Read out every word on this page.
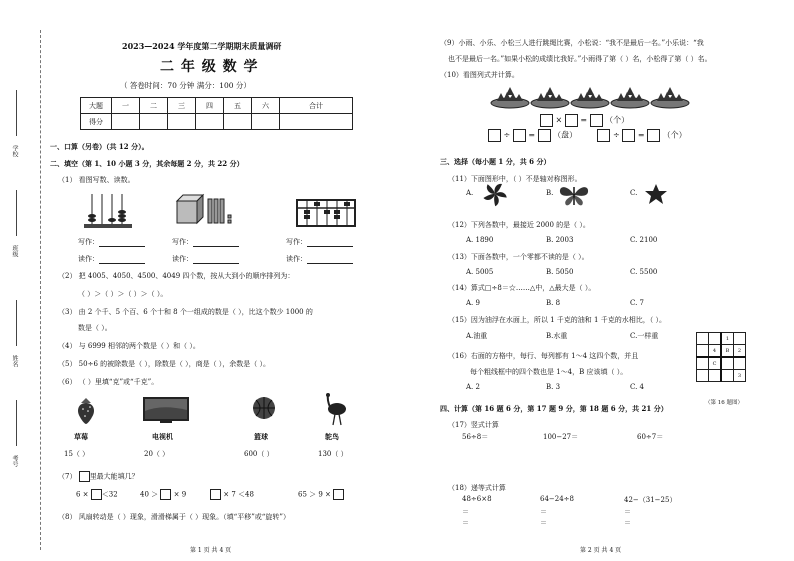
学校
班级
姓名
考号
2023—2024 学年度第二学期期末质量调研
二 年 级 数 学
（ 答卷时间：70 分钟 满分：100 分）
大题	一	二	三	四	五	六	合计
得分							
一、口算（另卷）（共 12 分）。
二、填空（第 1、10 小题 3 分，其余每题 2 分，共 22 分）
（1） 看图写数、读数。
写作：	写作：	写作：
读作：	读作：	读作：
（2） 把 4005、4050、4500、4049 四个数，按从大到小的顺序排列为：
（ ）＞（ ）＞（ ）＞（ ）。
（3） 由 2 个千、5 个百、6 个十和 8 个一组成的数是（ ），比这个数少 1000 的
数是（ ）。
（4） 与 6999 相邻的两个数是（ ）和（ ）。
（5） 50÷6 的被除数是（ ），除数是（ ），商是（ ），余数是（ ）。
（6） （ ）里填“克”或“千克”。
草莓	电视机	篮球	鸵鸟
15（ ）	20（ ）	600（ ）	130（ ）
（7） 里最大能填几？
6 × ＜32	40 ＞ × 9	× 7 ＜48	65 ＞ 9 ×
（8） 风扇转动是（ ）现象，滑滑梯属于（ ）现象。（填“平移”或“旋转”）
第 1 页 共 4 页
（9）小雨、小乐、小松三人进行跳绳比赛，小松说：“我不是最后一名。”小乐说：“我
也不是最后一名。”如果小松的成绩比我好。”小雨得了第（ ）名，小松得了第（ ）名。
（10）看图列式并计算。
× = （个）
÷ = （盘）	÷ = （个）
三、选择（每小题 1 分，共 6 分）
（11）下面图形中，（ ）不是轴对称图形。
A.	B.	C.
（12）下列各数中，最接近 2000 的是（ ）。
A. 1890	B. 2003	C. 2100
（13）下面各数中，一个零都不读的是（ ）。
A. 5005	B. 5050	C. 5500
（14）算式□÷8＝☆……△中，△最大是（ ）。
A. 9	B. 8	C. 7
（15）因为油浮在水面上，所以 1 千克的油和 1 千克的水相比，（ ）。
A.油重	B.水重	C.一样重
（16）右面的方格中，每行、每列都有 1～4 这四个数，并且
每个粗线框中的四个数也是 1～4，B 应该填（ ）。
A. 2	B. 3	C. 4
		1	
	4	B	2
	C		
			3
（第 16 题图）
四、计算（第 16 题 6 分，第 17 题 9 分，第 18 题 6 分，共 21 分）
（17）竖式计算
56÷8＝	100−27＝	60÷7＝
（18）递等式计算
48÷6×8	64−24÷8	42−（31−25）
＝
＝
＝
＝
＝
＝
第 2 页 共 4 页
